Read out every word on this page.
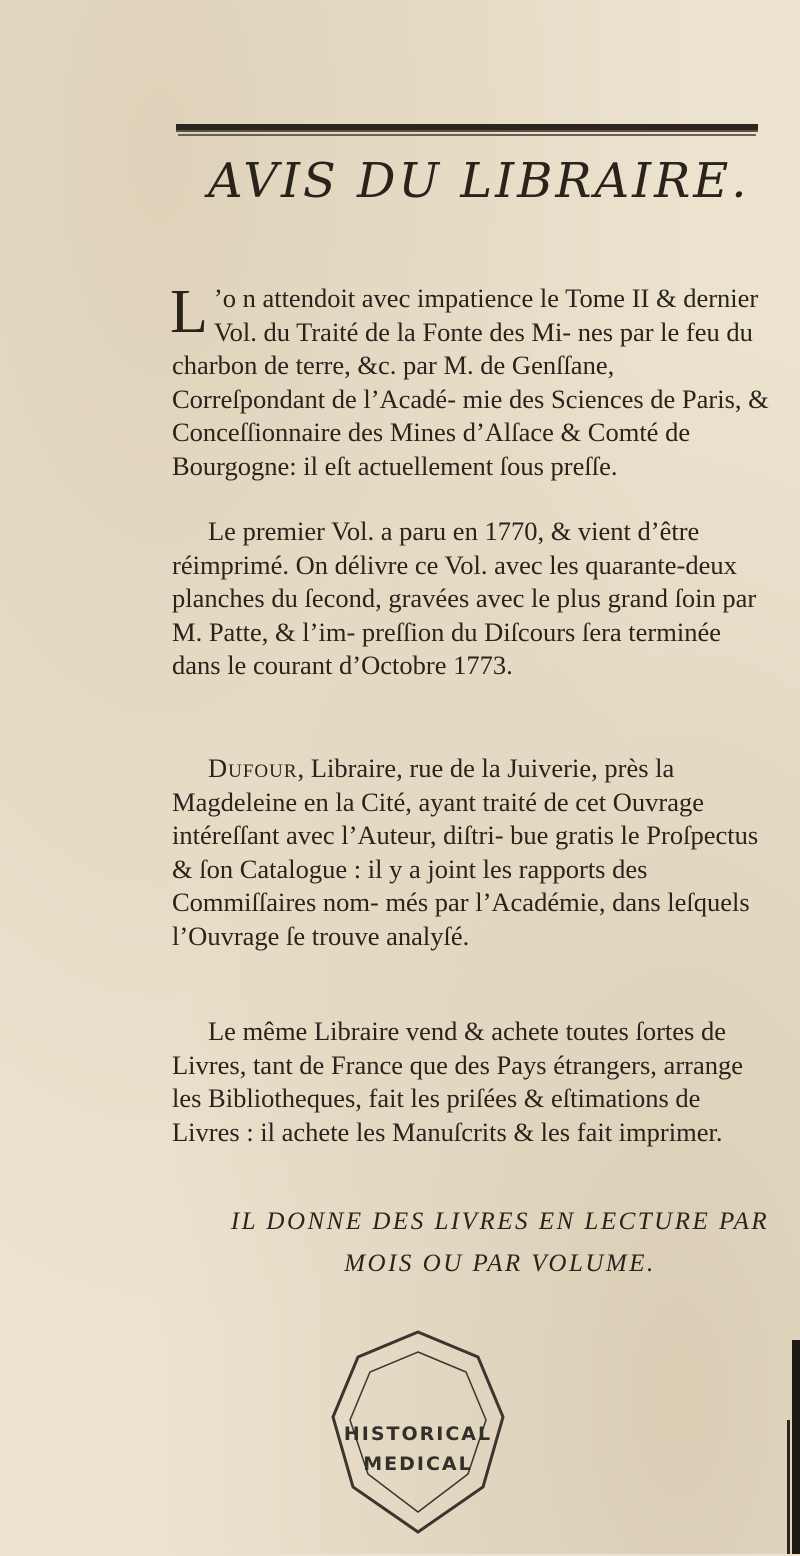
AVIS DU LIBRAIRE.

L ’o n attendoit avec impatience le Tome II & dernier Vol. du Traité de la Fonte des Mi- nes par le feu du charbon de terre, &c. par M. de Genſſane, Correſpondant de l’Acadé- mie des Sciences de Paris, & Conceſſionnaire des Mines d’Alſace & Comté de Bourgogne: il eſt actuellement ſous preſſe.

Le premier Vol. a paru en 1770, & vient d’être réimprimé. On délivre ce Vol. avec les quarante-deux planches du ſecond, gravées avec le plus grand ſoin par M. Patte, & l’im- preſſion du Diſcours ſera terminée dans le courant d’Octobre 1773.

Dufour, Libraire, rue de la Juiverie, près la Magdeleine en la Cité, ayant traité de cet Ouvrage intéreſſant avec l’Auteur, diſtri- bue gratis le Proſpectus & ſon Catalogue : il y a joint les rapports des Commiſſaires nom- més par l’Académie, dans leſquels l’Ouvrage ſe trouve analyſé.

Le même Libraire vend & achete toutes ſortes de Livres, tant de France que des Pays étrangers, arrange les Bibliotheques, fait les priſées & eſtimations de Livres : il achete les Manuſcrits & les fait imprimer.

IL DONNE DES LIVRES EN LECTURE PAR
MOIS OU PAR VOLUME.
HISTORICAL
MEDICAL
